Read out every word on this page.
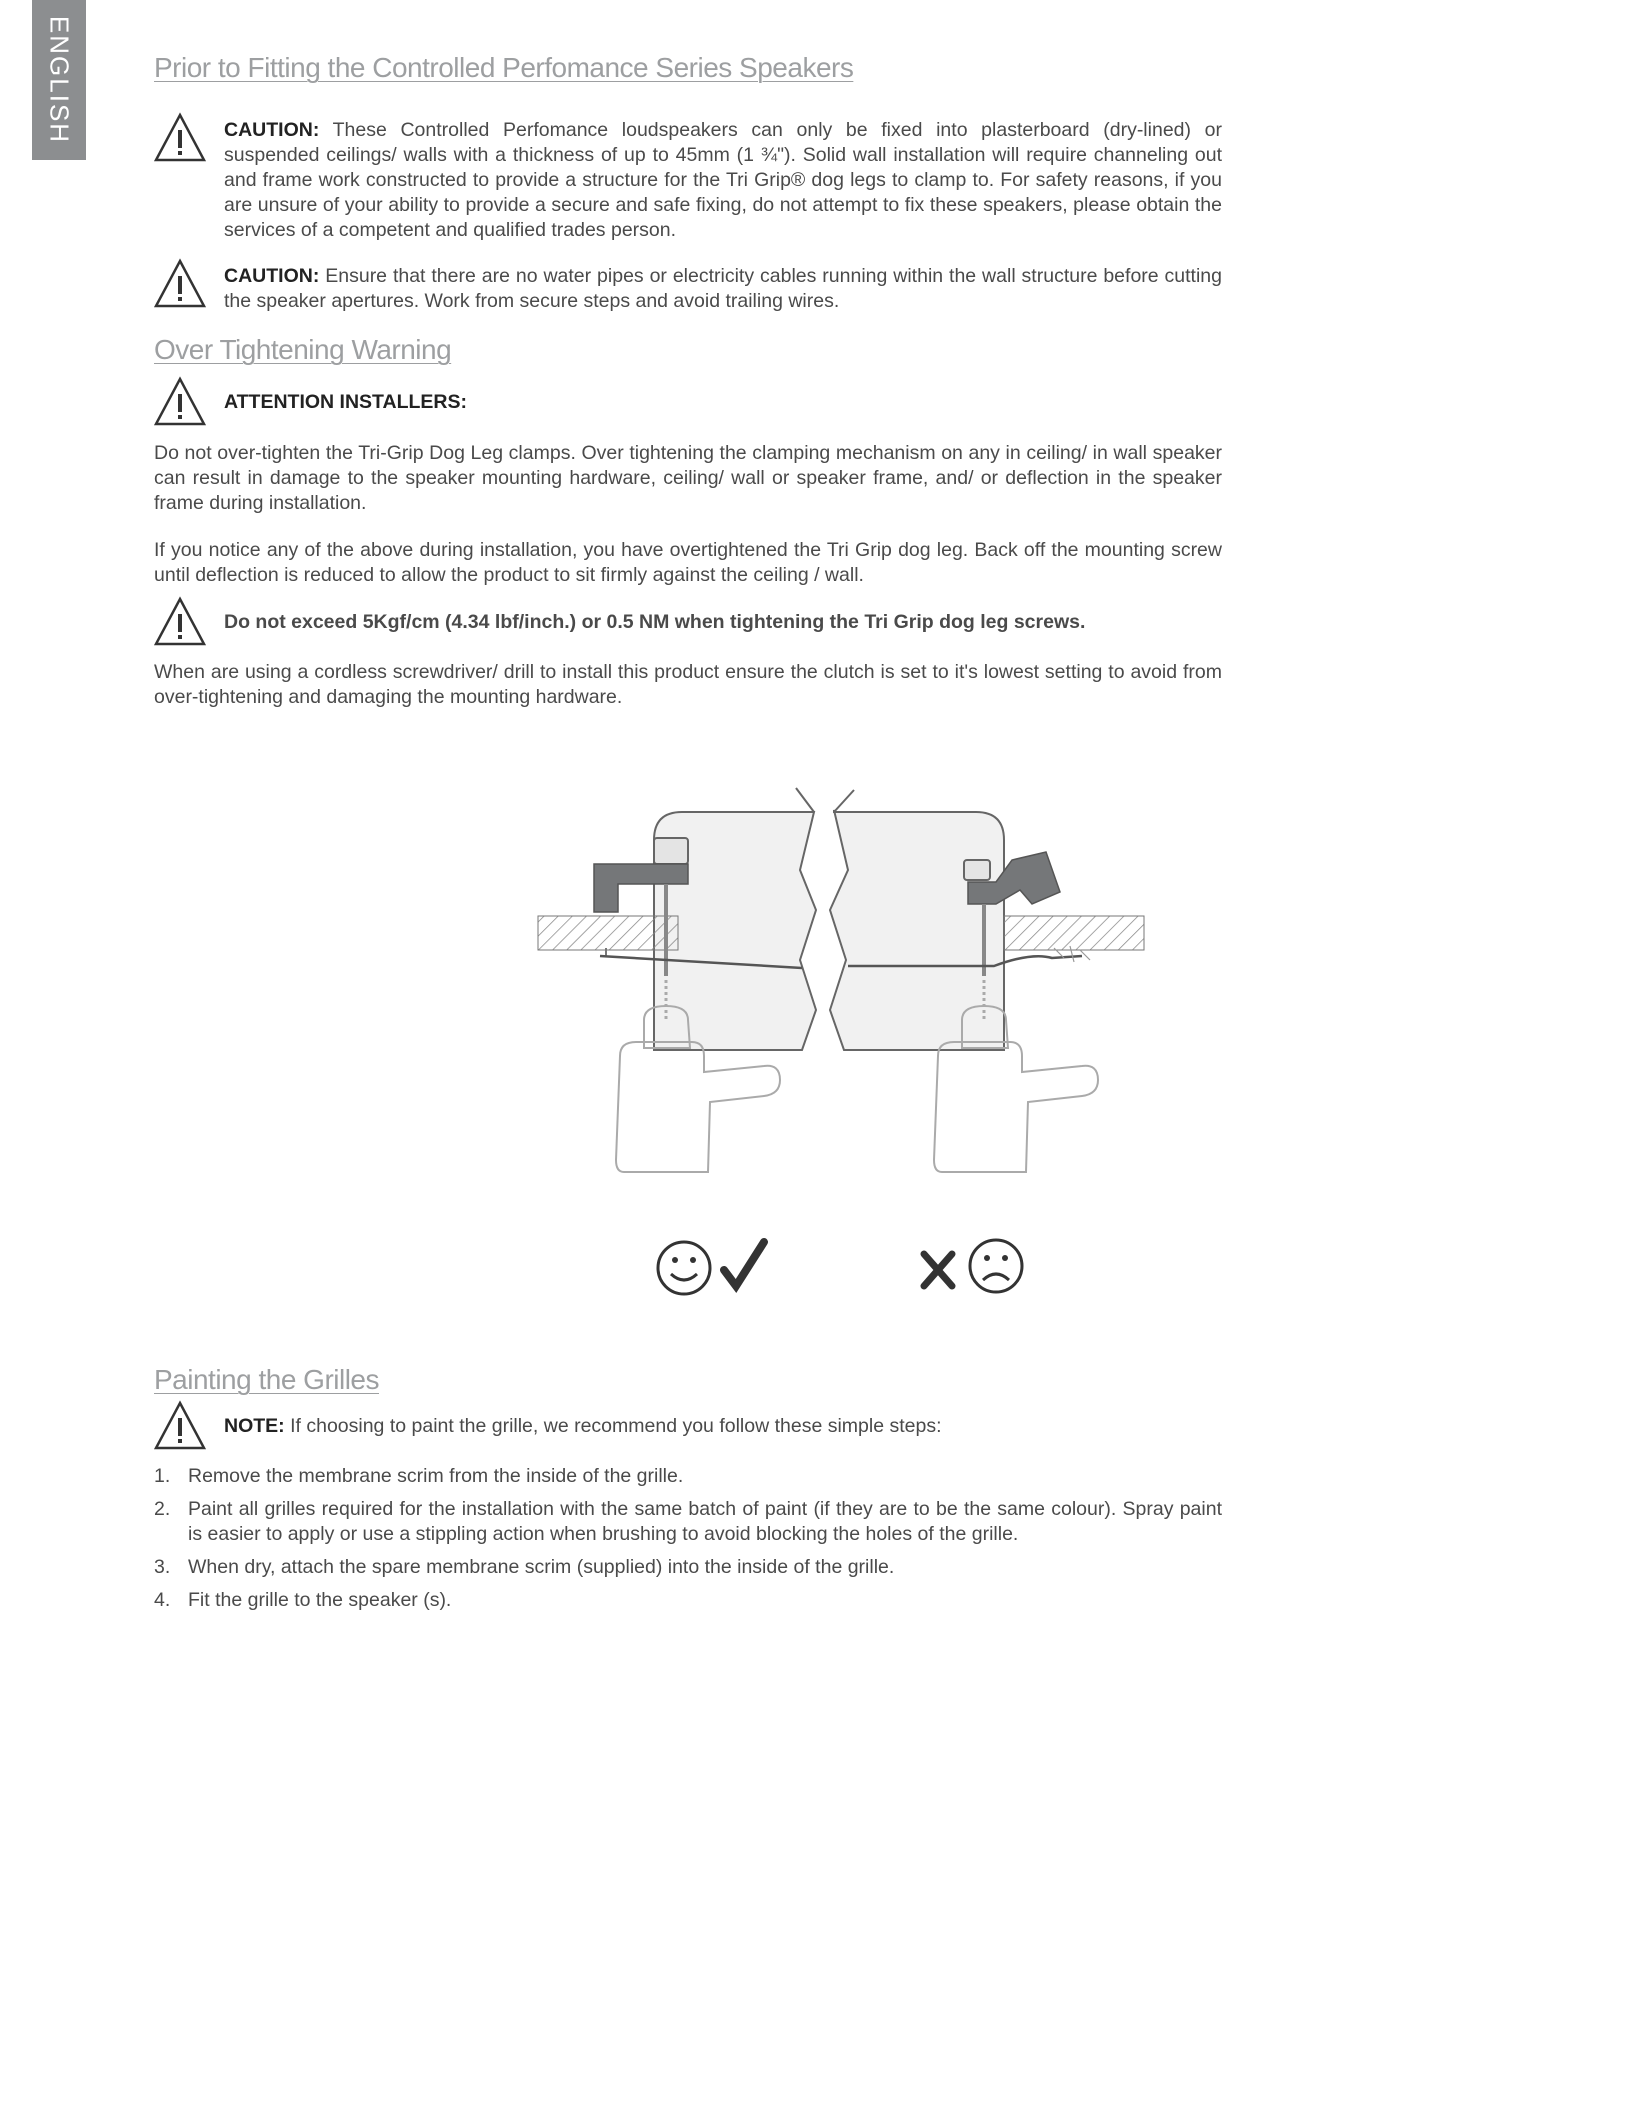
ENGLISH	Prior to Fitting the Controlled Perfomance Series Speakers
CAUTION: These Controlled Perfomance loudspeakers can only be fixed into plasterboard (dry-lined) or suspended ceilings/ walls with a thickness of up to 45mm (1 ¾"). Solid wall installation will require channeling out and frame work constructed to provide a structure for the Tri Grip® dog legs to clamp to. For safety reasons, if you are unsure of your ability to provide a secure and safe fixing, do not attempt to fix these speakers, please obtain the services of a competent and qualified trades person.
CAUTION: Ensure that there are no water pipes or electricity cables running within the wall structure before cutting the speaker apertures. Work from secure steps and avoid trailing wires.
Over Tightening Warning
ATTENTION INSTALLERS:
Do not over-tighten the Tri-Grip Dog Leg clamps. Over tightening the clamping mechanism on any in ceiling/ in wall speaker can result in damage to the speaker mounting hardware, ceiling/ wall or speaker frame, and/ or deflection in the speaker frame during installation.
If you notice any of the above during installation, you have overtightened the Tri Grip dog leg. Back off the mounting screw until deflection is reduced to allow the product to sit firmly against the ceiling / wall.
Do not exceed 5Kgf/cm (4.34 lbf/inch.) or 0.5 NM when tightening the Tri Grip dog leg screws.
When are using a cordless screwdriver/ drill to install this product ensure the clutch is set to it's lowest setting to avoid from over-tightening and damaging the mounting hardware.
Painting the Grilles
NOTE: If choosing to paint the grille, we recommend you follow these simple steps:
1. Remove the membrane scrim from the inside of the grille.
2. Paint all grilles required for the installation with the same batch of paint (if they are to be the same colour). Spray paint is easier to apply or use a stippling action when brushing to avoid blocking the holes of the grille.
3. When dry, attach the spare membrane scrim (supplied) into the inside of the grille.
4. Fit the grille to the speaker (s).
